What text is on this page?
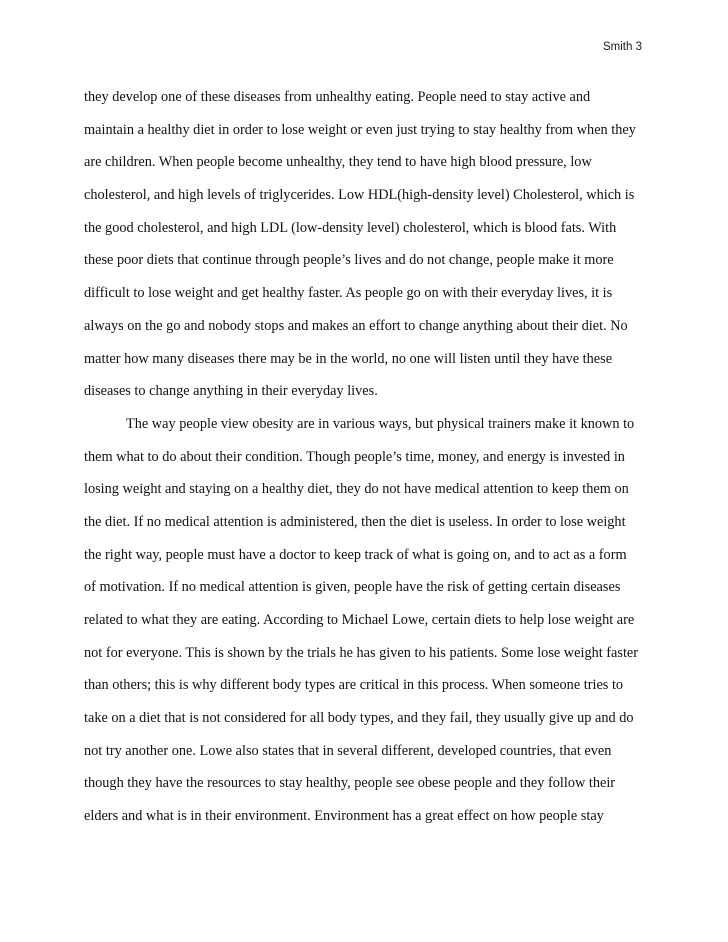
Smith 3
they develop one of these diseases from unhealthy eating. People need to stay active and
maintain a healthy diet in order to lose weight or even just trying to stay healthy from when they
are children. When people become unhealthy, they tend to have high blood pressure, low
cholesterol, and high levels of triglycerides. Low HDL(high-density level) Cholesterol, which is
the good cholesterol, and high LDL (low-density level) cholesterol, which is blood fats. With
these poor diets that continue through people’s lives and do not change, people make it more
difficult to lose weight and get healthy faster. As people go on with their everyday lives, it is
always on the go and nobody stops and makes an effort to change anything about their diet. No
matter how many diseases there may be in the world, no one will listen until they have these
diseases to change anything in their everyday lives.
The way people view obesity are in various ways, but physical trainers make it known to
them what to do about their condition. Though people’s time, money, and energy is invested in
losing weight and staying on a healthy diet, they do not have medical attention to keep them on
the diet. If no medical attention is administered, then the diet is useless. In order to lose weight
the right way, people must have a doctor to keep track of what is going on, and to act as a form
of motivation. If no medical attention is given, people have the risk of getting certain diseases
related to what they are eating. According to Michael Lowe, certain diets to help lose weight are
not for everyone. This is shown by the trials he has given to his patients. Some lose weight faster
than others; this is why different body types are critical in this process. When someone tries to
take on a diet that is not considered for all body types, and they fail, they usually give up and do
not try another one. Lowe also states that in several different, developed countries, that even
though they have the resources to stay healthy, people see obese people and they follow their
elders and what is in their environment. Environment has a great effect on how people stay
